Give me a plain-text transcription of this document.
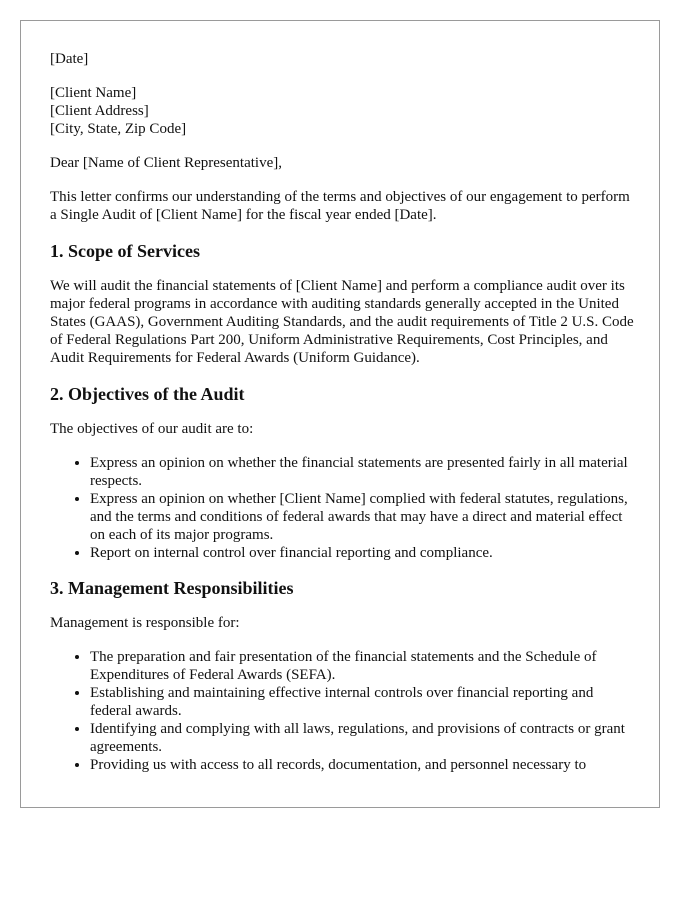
[Date]

[Client Name]
[Client Address]
[City, State, Zip Code]

Dear [Name of Client Representative],

This letter confirms our understanding of the terms and objectives of our engagement to perform a Single Audit of [Client Name] for the fiscal year ended [Date].

1. Scope of Services

We will audit the financial statements of [Client Name] and perform a compliance audit over its major federal programs in accordance with auditing standards generally accepted in the United States (GAAS), Government Auditing Standards, and the audit requirements of Title 2 U.S. Code of Federal Regulations Part 200, Uniform Administrative Requirements, Cost Principles, and Audit Requirements for Federal Awards (Uniform Guidance).

2. Objectives of the Audit

The objectives of our audit are to:

• Express an opinion on whether the financial statements are presented fairly in all material respects.
• Express an opinion on whether [Client Name] complied with federal statutes, regulations, and the terms and conditions of federal awards that may have a direct and material effect on each of its major programs.
• Report on internal control over financial reporting and compliance.
3. Management Responsibilities

Management is responsible for:

• The preparation and fair presentation of the financial statements and the Schedule of Expenditures of Federal Awards (SEFA).
• Establishing and maintaining effective internal controls over financial reporting and federal awards.
• Identifying and complying with all laws, regulations, and provisions of contracts or grant agreements.
• Providing us with access to all records, documentation, and personnel necessary to
